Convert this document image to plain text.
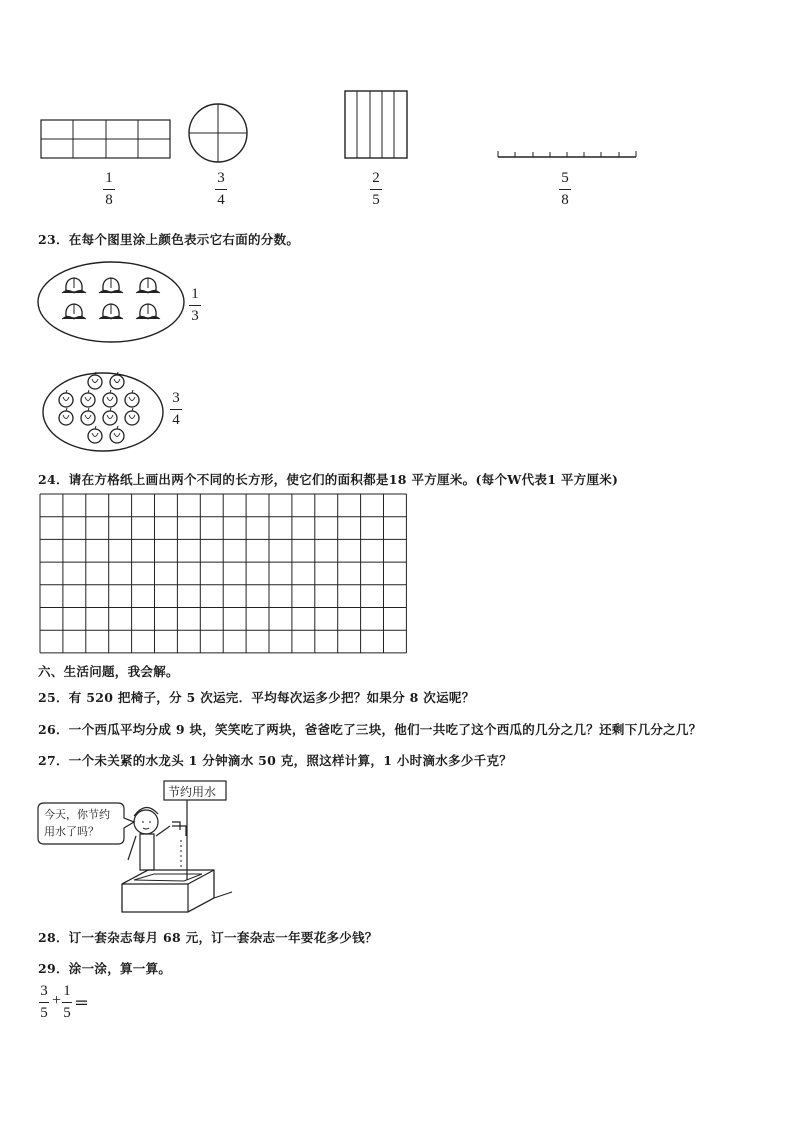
1
8
3
4
2
5
5
8
23．在每个图里涂上颜色表示它右面的分数。
1
3
3
4
24．请在方格纸上画出两个不同的长方形，使它们的面积都是18 平方厘米。(每个W代表1 平方厘米)
六、生活问题，我会解。
25．有 520 把椅子，分 5 次运完．平均每次运多少把？如果分 8 次运呢？
26．一个西瓜平均分成 9 块，笑笑吃了两块，爸爸吃了三块，他们一共吃了这个西瓜的几分之几？还剩下几分之几？
27．一个未关紧的水龙头 1 分钟滴水 50 克，照这样计算，1 小时滴水多少千克？
今天，你节约
用水了吗？
节约用水
28．订一套杂志每月 68 元，订一套杂志一年要花多少钱？
29．涂一涂，算一算。
3
5
+
1
5
＝
